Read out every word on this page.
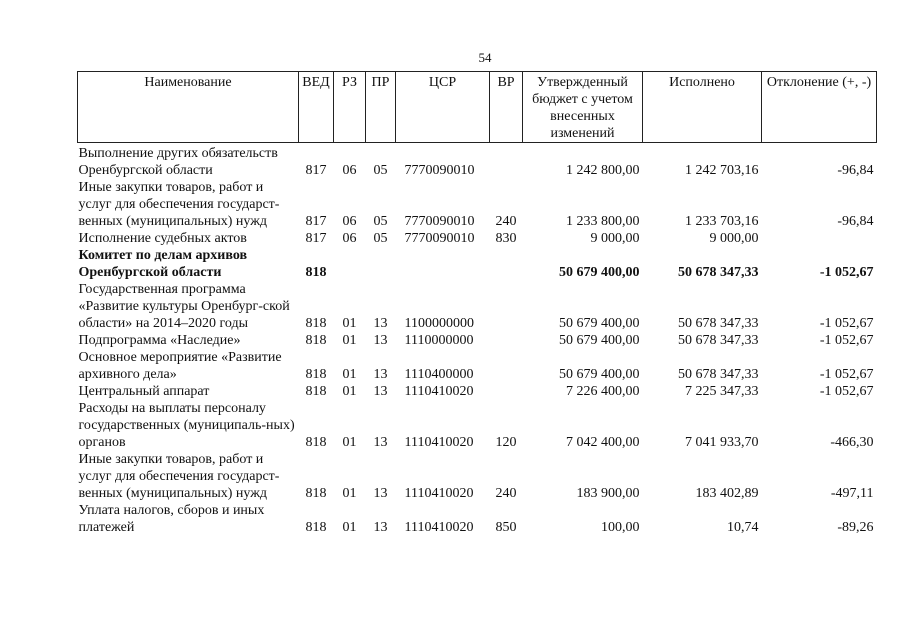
54
Наименование	ВЕД	РЗ	ПР	ЦСР	ВР	Утвержденный бюджет с учетом внесенных изменений	Исполнено	Отклонение (+, -)
Выполнение других обязательств Оренбургской области	817	06	05	7770090010		1 242 800,00	1 242 703,16	-96,84
Иные закупки товаров, работ и услуг для обеспечения государст-венных (муниципальных) нужд	817	06	05	7770090010	240	1 233 800,00	1 233 703,16	-96,84
Исполнение судебных актов	817	06	05	7770090010	830	9 000,00	9 000,00	
Комитет по делам архивов Оренбургской области	818					50 679 400,00	50 678 347,33	-1 052,67
Государственная программа «Развитие культуры Оренбург-ской области» на 2014–2020 годы	818	01	13	1100000000		50 679 400,00	50 678 347,33	-1 052,67
Подпрограмма «Наследие»	818	01	13	1110000000		50 679 400,00	50 678 347,33	-1 052,67
Основное мероприятие «Развитие архивного дела»	818	01	13	1110400000		50 679 400,00	50 678 347,33	-1 052,67
Центральный аппарат	818	01	13	1110410020		7 226 400,00	7 225 347,33	-1 052,67
Расходы на выплаты персоналу государственных (муниципаль-ных) органов	818	01	13	1110410020	120	7 042 400,00	7 041 933,70	-466,30
Иные закупки товаров, работ и услуг для обеспечения государст-венных (муниципальных) нужд	818	01	13	1110410020	240	183 900,00	183 402,89	-497,11
Уплата налогов, сборов и иных платежей	818	01	13	1110410020	850	100,00	10,74	-89,26
